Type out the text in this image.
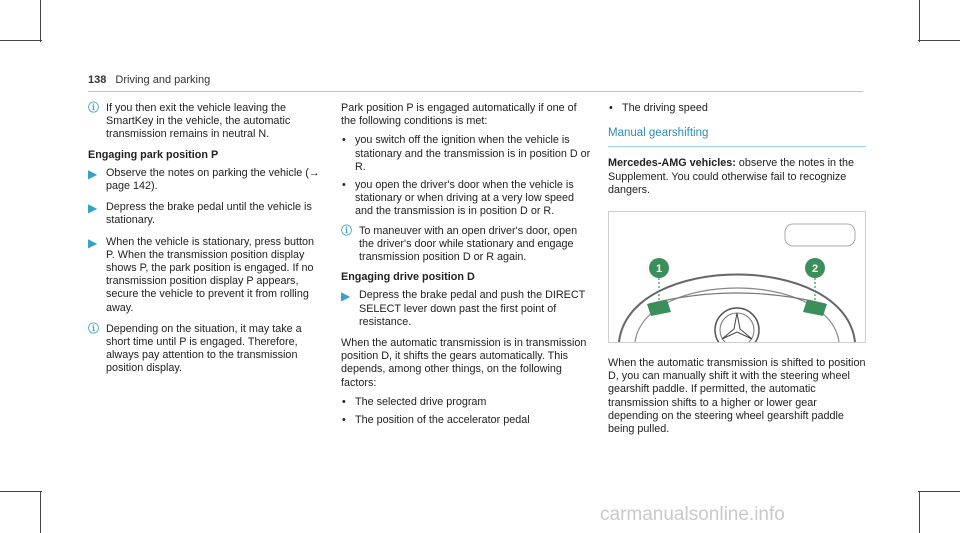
138 Driving and parking
ⓘ If you then exit the vehicle leaving the SmartKey in the vehicle, the automatic transmission remains in neutral N.
Engaging park position P
▶ Observe the notes on parking the vehicle (→ page 142).
▶ Depress the brake pedal until the vehicle is stationary.
▶ When the vehicle is stationary, press button P. When the transmission position display shows P, the park position is engaged. If no transmission position display P appears, secure the vehicle to prevent it from rolling away.
ⓘ Depending on the situation, it may take a short time until P is engaged. Therefore, always pay attention to the transmission position display.

Park position P is engaged automatically if one of the following conditions is met:

• you switch off the ignition when the vehicle is stationary and the transmission is in position D or R.
• you open the driver's door when the vehicle is stationary or when driving at a very low speed and the transmission is in position D or R.
ⓘ To maneuver with an open driver's door, open the driver's door while stationary and engage transmission position D or R again.
Engaging drive position D
▶ Depress the brake pedal and push the DIRECT SELECT lever down past the first point of resistance.

When the automatic transmission is in transmission position D, it shifts the gears automatically. This depends, among other things, on the following factors:

• The selected drive program
• The position of the accelerator pedal
• The driving speed
Manual gearshifting

Mercedes-AMG vehicles: observe the notes in the Supplement. You could otherwise fail to recognize dangers.

1	2

When the automatic transmission is shifted to position D, you can manually shift it with the steering wheel gearshift paddle. If permitted, the automatic transmission shifts to a higher or lower gear depending on the steering wheel gearshift paddle being pulled.

carmanualsonline.info
